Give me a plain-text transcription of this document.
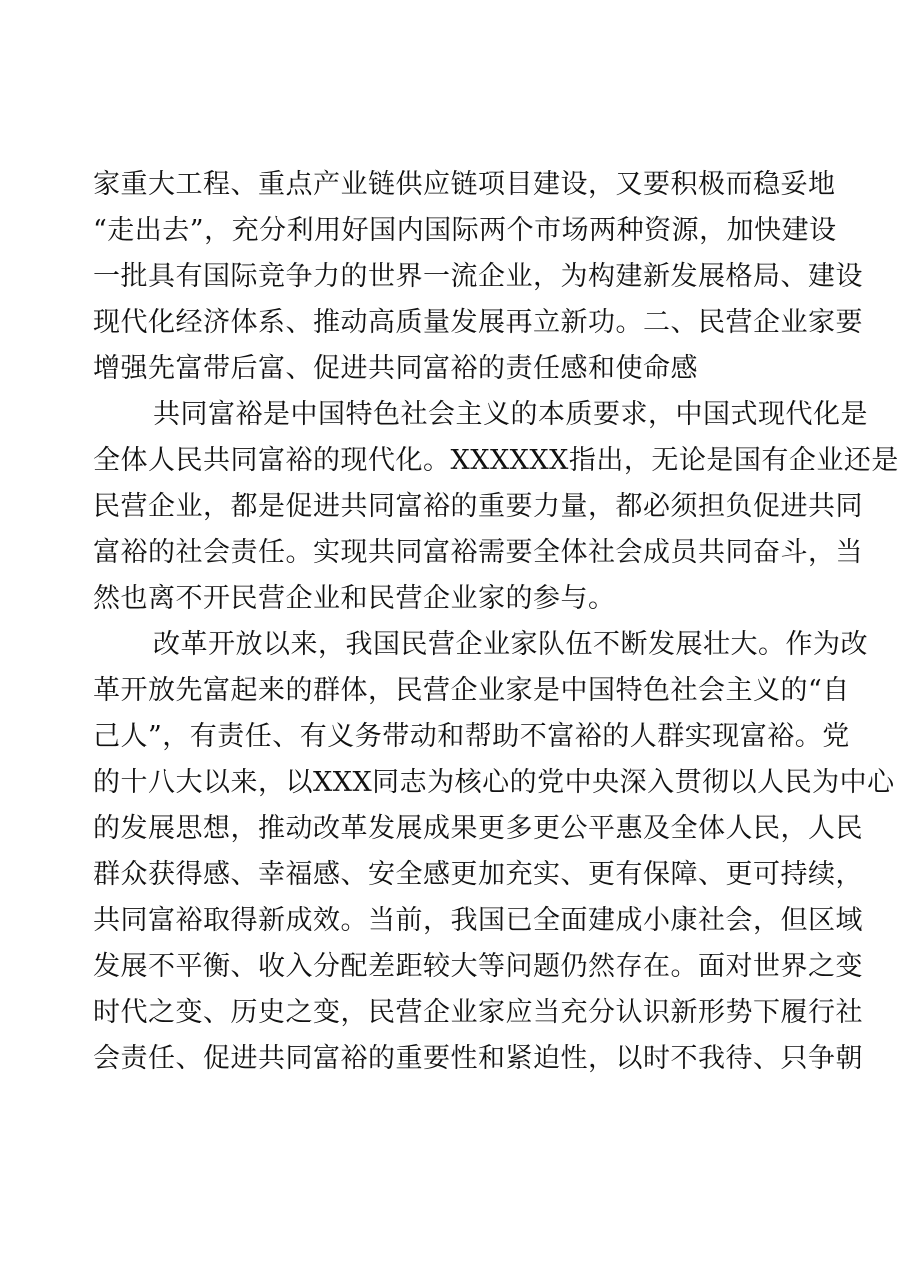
家重大工程、重点产业链供应链项目建设，又要积极而稳妥地
“走出去”，充分利用好国内国际两个市场两种资源，加快建设
一批具有国际竞争力的世界一流企业，为构建新发展格局、建设
现代化经济体系、推动高质量发展再立新功。二、民营企业家要
增强先富带后富、促进共同富裕的责任感和使命感
共同富裕是中国特色社会主义的本质要求，中国式现代化是
全体人民共同富裕的现代化。XXXXXX指出，无论是国有企业还是
民营企业，都是促进共同富裕的重要力量，都必须担负促进共同
富裕的社会责任。实现共同富裕需要全体社会成员共同奋斗，当
然也离不开民营企业和民营企业家的参与。
改革开放以来，我国民营企业家队伍不断发展壮大。作为改
革开放先富起来的群体，民营企业家是中国特色社会主义的“自
己人”，有责任、有义务带动和帮助不富裕的人群实现富裕。党
的十八大以来，以XXX同志为核心的党中央深入贯彻以人民为中心
的发展思想，推动改革发展成果更多更公平惠及全体人民，人民
群众获得感、幸福感、安全感更加充实、更有保障、更可持续，
共同富裕取得新成效。当前，我国已全面建成小康社会，但区域
发展不平衡、收入分配差距较大等问题仍然存在。面对世界之变
时代之变、历史之变，民营企业家应当充分认识新形势下履行社
会责任、促进共同富裕的重要性和紧迫性，以时不我待、只争朝
